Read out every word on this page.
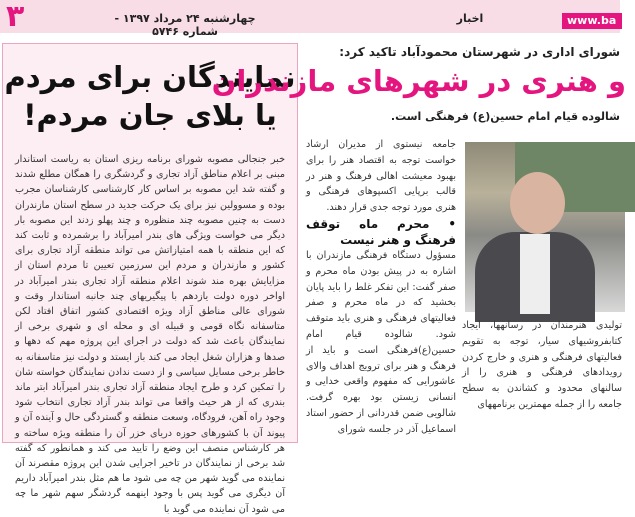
۳	چهارشنبه ۲۴ مرداد ۱۳۹۷ - شماره ۵۷۴۶
اخبار	www.ba
نمایندگان برای مردم
یا بلای جان مردم!
خبر جنجالی مصوبه شورای برنامه ریزی استان به ریاست استاندار مبنی بر اعلام مناطق آزاد تجاری و گردشگری را همگان مطلع شدند و گفته شد این مصوبه بر اساس کار کارشناسی کارشناسان مجرب بوده و مسوولین نیز برای یک حرکت جدید در سطح استان مازندران دست به چنین مصوبه چند منظوره و چند پهلو زدند این مصوبه بار دیگر می خواست ویژگی های بندر امیرآباد را برشمرده و ثابت کند که این منطقه با همه امتیازاتش می تواند منطقه آزاد تجاری برای کشور و مازندران و مردم این سرزمین تعیین تا مردم استان از مزایایش بهره مند شوند اعلام منطقه آزاد تجاری بندر امیرآباد در اواخر دوره دولت یازدهم با پیگیریهای چند جانبه استاندار وقت و شورای عالی مناطق آزاد ویژه اقتصادی کشور اتفاق افتاد لکن متاسفانه نگاه قومی و قبیله ای و محله ای و شهری برخی از نمایندگان باعث شد که دولت در اجرای این پروژه مهم که دهها و صدها و هزاران شغل ایجاد می کند باز ایستد و دولت نیز متاسفانه به خاطر برخی مسایل سیاسی و از دست ندادن نمایندگان خواسته شان را تمکین کرد و طرح ایجاد منطقه آزاد تجاری بندر امیرآباد ابتر ماند بندری که از هر حیث واقعا می تواند بندر آزاد تجاری انتخاب شود وجود راه آهن، فرودگاه، وسعت منطقه و گستردگی حال و آینده آن و پیوند آن با کشورهای حوزه دریای خزر آن را منطقه ویژه ساخته و هر کارشناس منصف این وضع را تایید می کند و همانطور که گفته شد برخی از نمایندگان در تاخیر اجرایی شدن این پروژه مقصرند آن نماینده می گوید شهر من چه می شود ما هم مثل بندر امیرآباد داریم آن دیگری می گوید پس با وجود اینهمه گردشگر سهم شهر ما چه می شود آن نماینده می گوید با
شورای اداری در شهرستان محمودآباد تاکید کرد:
و هنری در شهرهای مازندران
شالوده قیام امام حسین(ع) فرهنگی است.
جامعه نیستوی از مدیران ارشاد خواست توجه به اقتصاد هنر را برای بهبود معیشت اهالی فرهنگ و هنر در قالب برپایی اکسپوهای فرهنگی و هنری مورد توجه جدی قرار دهند.
• محرم ماه توقف فرهنگ و هنر نیست
مسؤول دستگاه فرهنگی مازندران با اشاره به در پیش بودن ماه محرم و صفر گفت: این تفکر غلط را باید پایان بخشید که در ماه محرم و صفر فعالیتهای فرهنگی و هنری باید متوقف شود. شالوده قیام امام حسین(ع)فرهنگی است و باید از فرهنگ و هنر برای ترویج اهداف والای عاشورایی که مفهوم واقعی خدایی و انسانی زیستن بود بهره گرفت. شالویی ضمن قدردانی از حضور استاد اسماعیل آذر در جلسه شورای
تولیدی هنرمندان در رسانهها، ایجاد کتابفروشیهای سیار، توجه به تقویم فعالیتهای فرهنگی و هنری و خارج کردن رویدادهای فرهنگی و هنری را از سالنهای محدود و کشاندن به سطح جامعه را از جمله مهمترین برنامههای
